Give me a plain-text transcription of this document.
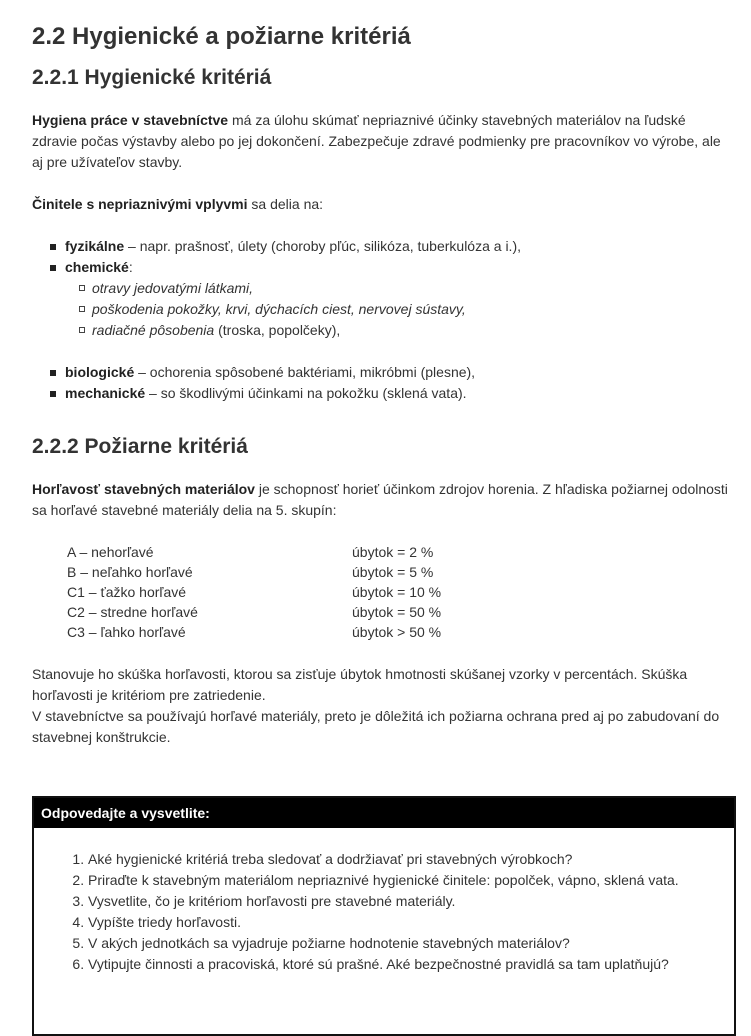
2.2 Hygienické a požiarne kritériá
2.2.1 Hygienické kritériá

Hygiena práce v stavebníctve má za úlohu skúmať nepriaznivé účinky stavebných materiálov na ľudské zdravie počas výstavby alebo po jej dokončení. Zabezpečuje zdravé podmienky pre pracovníkov vo výrobe, ale aj pre užívateľov stavby.

Činitele s nepriaznivými vplyvmi sa delia na:

fyzikálne – napr. prašnosť, úlety (choroby pľúc, silikóza, tuberkulóza a i.),
chemické:
otravy jedovatými látkami,
poškodenia pokožky, krvi, dýchacích ciest, nervovej sústavy,
radiačné pôsobenia (troska, popolčeky),
biologické – ochorenia spôsobené baktériami, mikróbmi (plesne),
mechanické – so škodlivými účinkami na pokožku (sklená vata).
2.2.2 Požiarne kritériá

Horľavosť stavebných materiálov je schopnosť horieť účinkom zdrojov horenia. Z hľadiska požiarnej odolnosti sa horľavé stavebné materiály delia na 5. skupín:

A – nehorľavé	úbytok = 2 %
B – neľahko horľavé	úbytok = 5 %
C1 – ťažko horľavé	úbytok = 10 %
C2 – stredne horľavé	úbytok = 50 %
C3 – ľahko horľavé	úbytok > 50 %

Stanovuje ho skúška horľavosti, ktorou sa zisťuje úbytok hmotnosti skúšanej vzorky v percentách. Skúška horľavosti je kritériom pre zatriedenie.

V stavebníctve sa používajú horľavé materiály, preto je dôležitá ich požiarna ochrana pred aj po zabudovaní do stavebnej konštrukcie.

Odpovedajte a vysvetlite:
1. Aké hygienické kritériá treba sledovať a dodržiavať pri stavebných výrobkoch?
2. Priraďte k stavebným materiálom nepriaznivé hygienické činitele: popolček, vápno, sklená vata.
3. Vysvetlite, čo je kritériom horľavosti pre stavebné materiály.
4. Vypíšte triedy horľavosti.
5. V akých jednotkách sa vyjadruje požiarne hodnotenie stavebných materiálov?
6. Vytipujte činnosti a pracoviská, ktoré sú prašné. Aké bezpečnostné pravidlá sa tam uplatňujú?
